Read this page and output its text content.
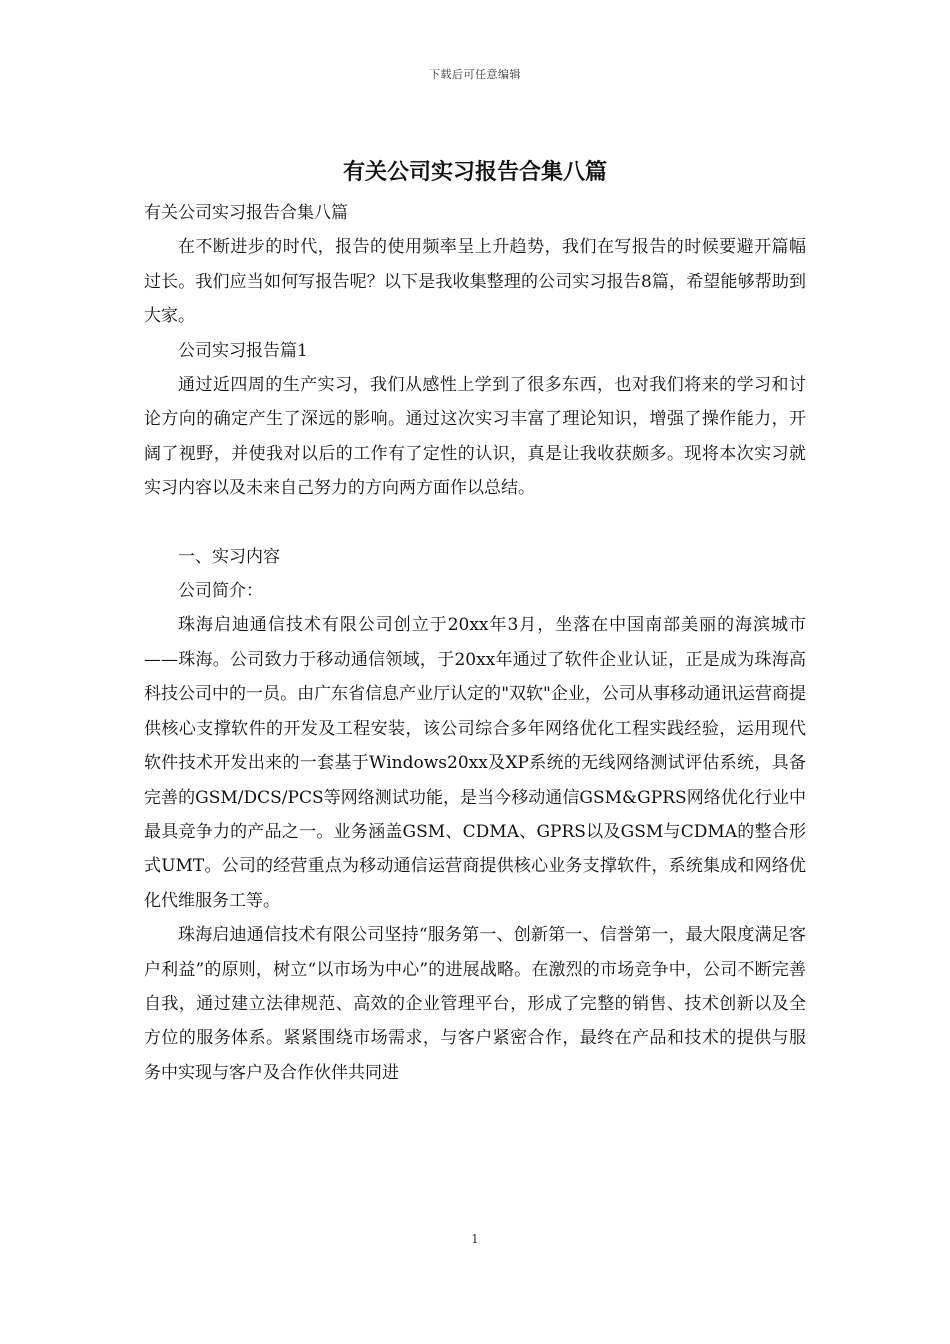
下载后可任意编辑
有关公司实习报告合集八篇

有关公司实习报告合集八篇

在不断进步的时代，报告的使用频率呈上升趋势，我们在写报告的时候要避开篇幅过长。我们应当如何写报告呢？以下是我收集整理的公司实习报告8篇，希望能够帮助到大家。

公司实习报告篇1

通过近四周的生产实习，我们从感性上学到了很多东西，也对我们将来的学习和讨论方向的确定产生了深远的影响。通过这次实习丰富了理论知识，增强了操作能力，开阔了视野，并使我对以后的工作有了定性的认识，真是让我收获颇多。现将本次实习就实习内容以及未来自己努力的方向两方面作以总结。

一、实习内容

公司简介：

珠海启迪通信技术有限公司创立于20xx年3月，坐落在中国南部美丽的海滨城市——珠海。公司致力于移动通信领域，于20xx年通过了软件企业认证，正是成为珠海高科技公司中的一员。由广东省信息产业厅认定的"双软"企业，公司从事移动通讯运营商提供核心支撑软件的开发及工程安装，该公司综合多年网络优化工程实践经验，运用现代软件技术开发出来的一套基于Windows20xx及XP系统的无线网络测试评估系统，具备完善的GSM/DCS/PCS等网络测试功能，是当今移动通信GSM&GPRS网络优化行业中最具竞争力的产品之一。业务涵盖GSM、CDMA、GPRS以及GSM与CDMA的整合形式UMT。公司的经营重点为移动通信运营商提供核心业务支撑软件，系统集成和网络优化代维服务工等。

珠海启迪通信技术有限公司坚持“服务第一、创新第一、信誉第一，最大限度满足客户利益”的原则，树立“以市场为中心”的进展战略。在激烈的市场竞争中，公司不断完善自我，通过建立法律规范、高效的企业管理平台，形成了完整的销售、技术创新以及全方位的服务体系。紧紧围绕市场需求，与客户紧密合作，最终在产品和技术的提供与服务中实现与客户及合作伙伴共同进

1
